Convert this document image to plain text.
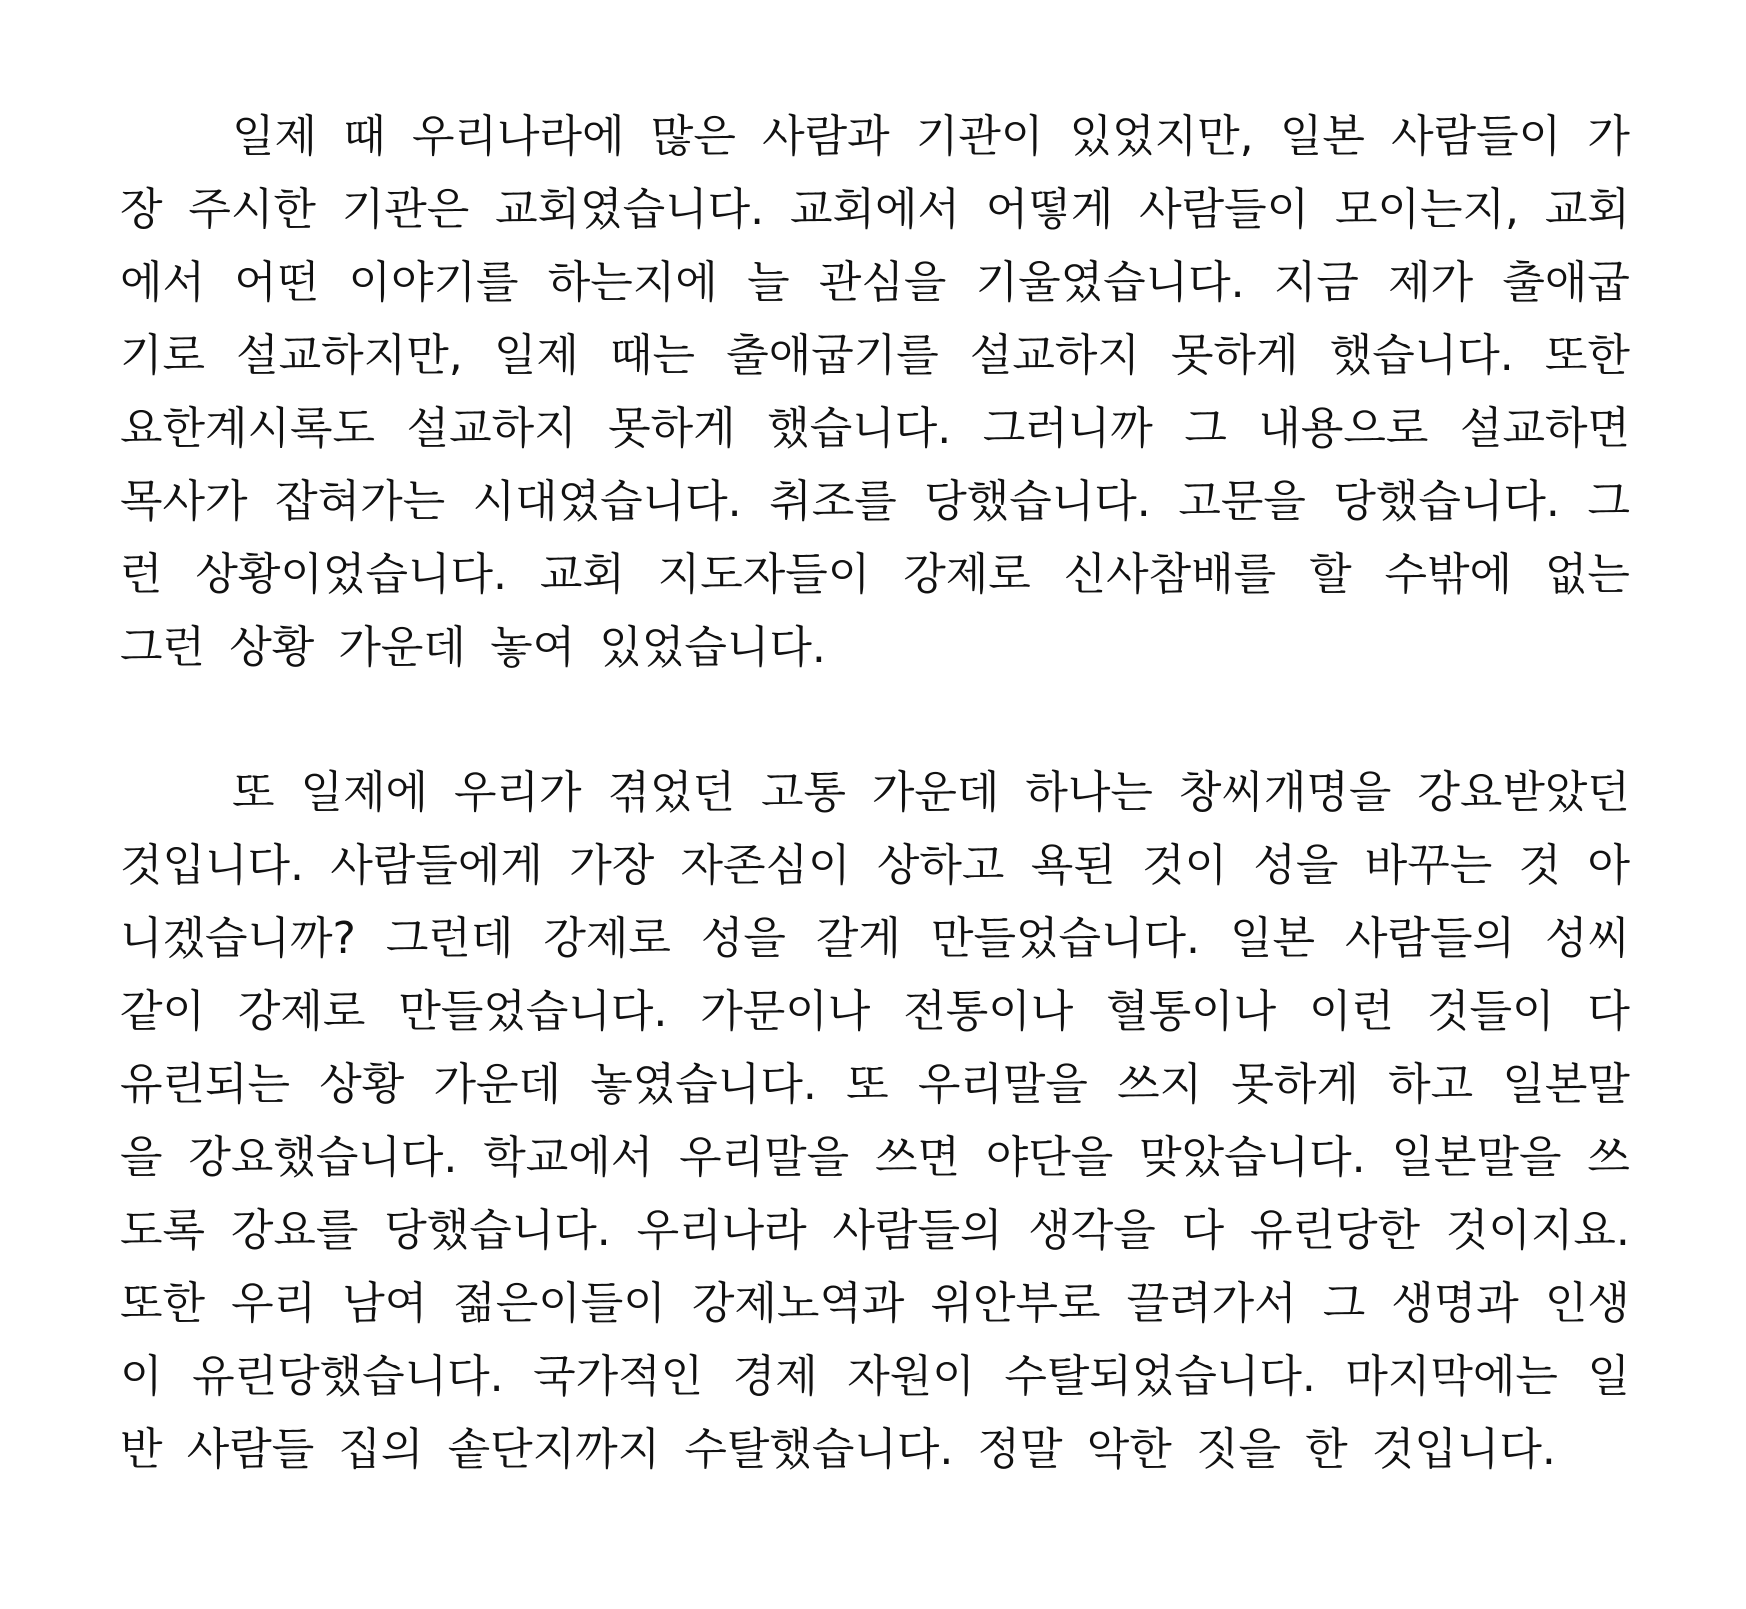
일제 때 우리나라에 많은 사람과 기관이 있었지만, 일본 사람들이 가
장 주시한 기관은 교회였습니다. 교회에서 어떻게 사람들이 모이는지, 교회
에서 어떤 이야기를 하는지에 늘 관심을 기울였습니다. 지금 제가 출애굽
기로 설교하지만, 일제 때는 출애굽기를 설교하지 못하게 했습니다. 또한
요한계시록도 설교하지 못하게 했습니다. 그러니까 그 내용으로 설교하면
목사가 잡혀가는 시대였습니다. 취조를 당했습니다. 고문을 당했습니다. 그
런 상황이었습니다. 교회 지도자들이 강제로 신사참배를 할 수밖에 없는
그런 상황 가운데 놓여 있었습니다.
또 일제에 우리가 겪었던 고통 가운데 하나는 창씨개명을 강요받았던
것입니다. 사람들에게 가장 자존심이 상하고 욕된 것이 성을 바꾸는 것 아
니겠습니까? 그런데 강제로 성을 갈게 만들었습니다. 일본 사람들의 성씨
같이 강제로 만들었습니다. 가문이나 전통이나 혈통이나 이런 것들이 다
유린되는 상황 가운데 놓였습니다. 또 우리말을 쓰지 못하게 하고 일본말
을 강요했습니다. 학교에서 우리말을 쓰면 야단을 맞았습니다. 일본말을 쓰
도록 강요를 당했습니다. 우리나라 사람들의 생각을 다 유린당한 것이지요.
또한 우리 남여 젊은이들이 강제노역과 위안부로 끌려가서 그 생명과 인생
이 유린당했습니다. 국가적인 경제 자원이 수탈되었습니다. 마지막에는 일
반 사람들 집의 솥단지까지 수탈했습니다. 정말 악한 짓을 한 것입니다.
